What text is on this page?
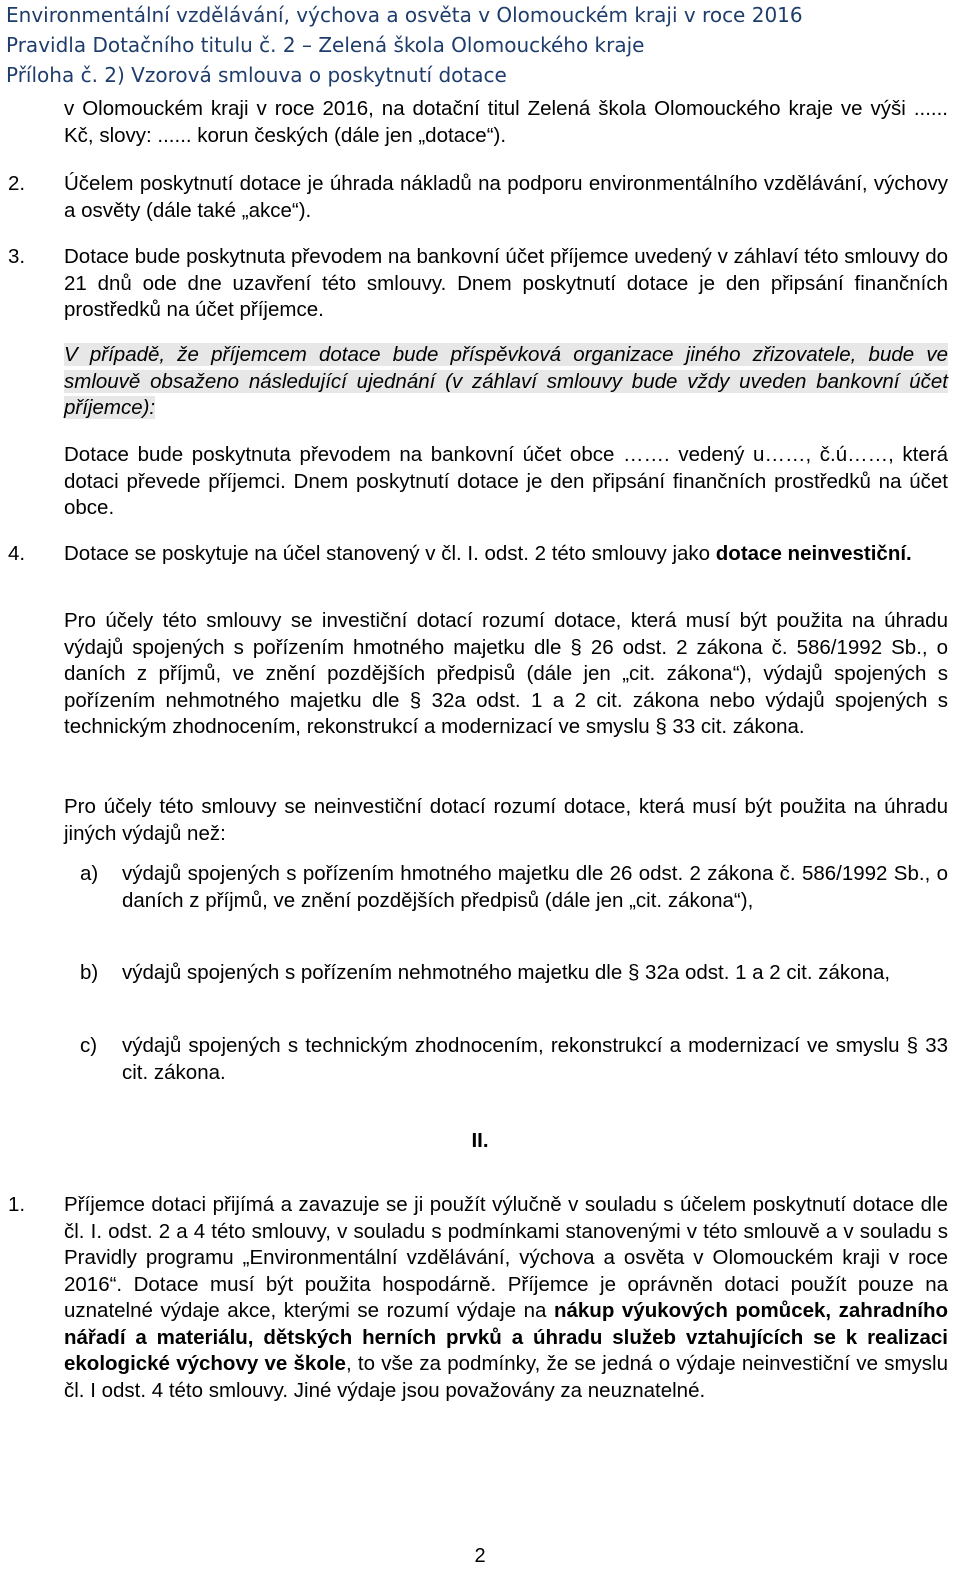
Environmentální vzdělávání, výchova a osvěta v Olomouckém kraji v roce 2016
Pravidla Dotačního titulu č. 2 – Zelená škola Olomouckého kraje
Příloha č. 2) Vzorová smlouva o poskytnutí dotace

v Olomouckém kraji v roce 2016, na dotační titul Zelená škola Olomouckého kraje ve výši ...... Kč, slovy: ...... korun českých (dále jen „dotace“).

2. Účelem poskytnutí dotace je úhrada nákladů na podporu environmentálního vzdělávání, výchovy a osvěty (dále také „akce“).

3. Dotace bude poskytnuta převodem na bankovní účet příjemce uvedený v záhlaví této smlouvy do 21 dnů ode dne uzavření této smlouvy. Dnem poskytnutí dotace je den připsání finančních prostředků na účet příjemce.

V případě, že příjemcem dotace bude příspěvková organizace jiného zřizovatele, bude ve smlouvě obsaženo následující ujednání (v záhlaví smlouvy bude vždy uveden bankovní účet příjemce):

Dotace bude poskytnuta převodem na bankovní účet obce ……. vedený u……, č.ú……, která dotaci převede příjemci. Dnem poskytnutí dotace je den připsání finančních prostředků na účet obce.

4. Dotace se poskytuje na účel stanovený v čl. I. odst. 2 této smlouvy jako dotace neinvestiční.

Pro účely této smlouvy se investiční dotací rozumí dotace, která musí být použita na úhradu výdajů spojených s pořízením hmotného majetku dle § 26 odst. 2 zákona č. 586/1992 Sb., o daních z příjmů, ve znění pozdějších předpisů (dále jen „cit. zákona“), výdajů spojených s pořízením nehmotného majetku dle § 32a odst. 1 a 2 cit. zákona nebo výdajů spojených s technickým zhodnocením, rekonstrukcí a modernizací ve smyslu § 33 cit. zákona.

Pro účely této smlouvy se neinvestiční dotací rozumí dotace, která musí být použita na úhradu jiných výdajů než:

a) výdajů spojených s pořízením hmotného majetku dle 26 odst. 2 zákona č. 586/1992 Sb., o daních z příjmů, ve znění pozdějších předpisů (dále jen „cit. zákona“),

b) výdajů spojených s pořízením nehmotného majetku dle § 32a odst. 1 a 2 cit. zákona,

c) výdajů spojených s technickým zhodnocením, rekonstrukcí a modernizací ve smyslu § 33 cit. zákona.

II.
1. Příjemce dotaci přijímá a zavazuje se ji použít výlučně v souladu s účelem poskytnutí dotace dle čl. I. odst. 2 a 4 této smlouvy, v souladu s podmínkami stanovenými v této smlouvě a v souladu s Pravidly programu „Environmentální vzdělávání, výchova a osvěta v Olomouckém kraji v roce 2016“. Dotace musí být použita hospodárně. Příjemce je oprávněn dotaci použít pouze na uznatelné výdaje akce, kterými se rozumí výdaje na nákup výukových pomůcek, zahradního nářadí a materiálu, dětských herních prvků a úhradu služeb vztahujících se k realizaci ekologické výchovy ve škole, to vše za podmínky, že se jedná o výdaje neinvestiční ve smyslu čl. I odst. 4 této smlouvy. Jiné výdaje jsou považovány za neuznatelné.

2
